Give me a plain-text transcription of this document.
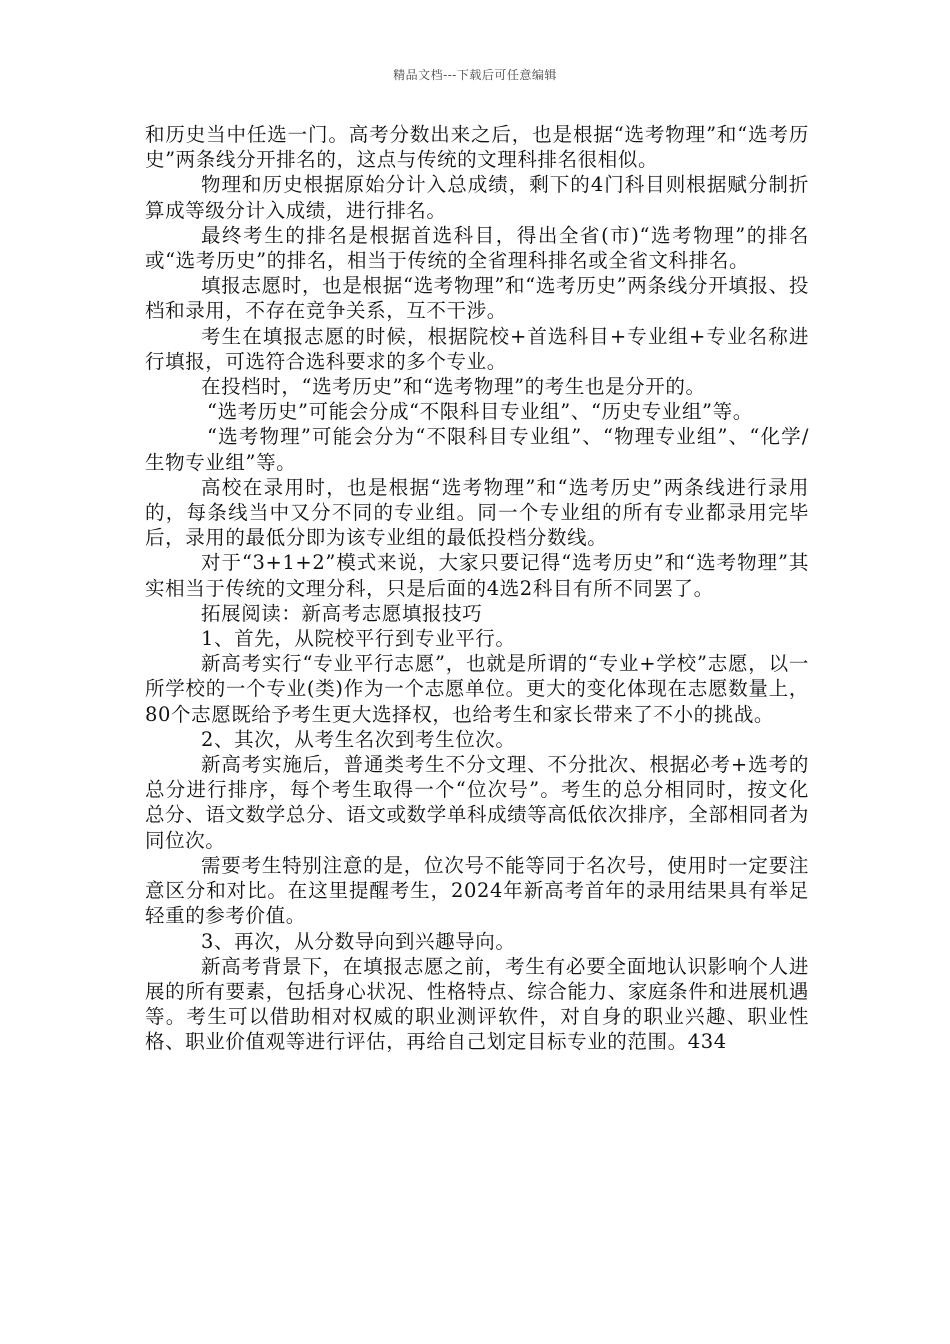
精品文档---下载后可任意编辑

和历史当中任选一门。高考分数出来之后，也是根据“选考物理”和“选考历史”两条线分开排名的，这点与传统的文理科排名很相似。

物理和历史根据原始分计入总成绩，剩下的4门科目则根据赋分制折算成等级分计入成绩，进行排名。

最终考生的排名是根据首选科目，得出全省(市)“选考物理”的排名或“选考历史”的排名，相当于传统的全省理科排名或全省文科排名。

填报志愿时，也是根据“选考物理”和“选考历史”两条线分开填报、投档和录用，不存在竞争关系，互不干涉。

考生在填报志愿的时候，根据院校+首选科目+专业组+专业名称进行填报，可选符合选科要求的多个专业。

在投档时，“选考历史”和“选考物理”的考生也是分开的。

“选考历史”可能会分成“不限科目专业组”、“历史专业组”等。

“选考物理”可能会分为“不限科目专业组”、“物理专业组”、“化学/生物专业组”等。

高校在录用时，也是根据“选考物理”和“选考历史”两条线进行录用的，每条线当中又分不同的专业组。同一个专业组的所有专业都录用完毕后，录用的最低分即为该专业组的最低投档分数线。

对于“3+1+2”模式来说，大家只要记得“选考历史”和“选考物理”其实相当于传统的文理分科，只是后面的4选2科目有所不同罢了。

拓展阅读：新高考志愿填报技巧

1、首先，从院校平行到专业平行。

新高考实行“专业平行志愿”，也就是所谓的“专业+学校”志愿，以一所学校的一个专业(类)作为一个志愿单位。更大的变化体现在志愿数量上，80个志愿既给予考生更大选择权，也给考生和家长带来了不小的挑战。

2、其次，从考生名次到考生位次。

新高考实施后，普通类考生不分文理、不分批次、根据必考+选考的总分进行排序，每个考生取得一个“位次号”。考生的总分相同时，按文化总分、语文数学总分、语文或数学单科成绩等高低依次排序，全部相同者为同位次。

需要考生特别注意的是，位次号不能等同于名次号，使用时一定要注意区分和对比。在这里提醒考生，2024年新高考首年的录用结果具有举足轻重的参考价值。

3、再次，从分数导向到兴趣导向。

新高考背景下，在填报志愿之前，考生有必要全面地认识影响个人进展的所有要素，包括身心状况、性格特点、综合能力、家庭条件和进展机遇等。考生可以借助相对权威的职业测评软件，对自身的职业兴趣、职业性格、职业价值观等进行评估，再给自己划定目标专业的范围。434
